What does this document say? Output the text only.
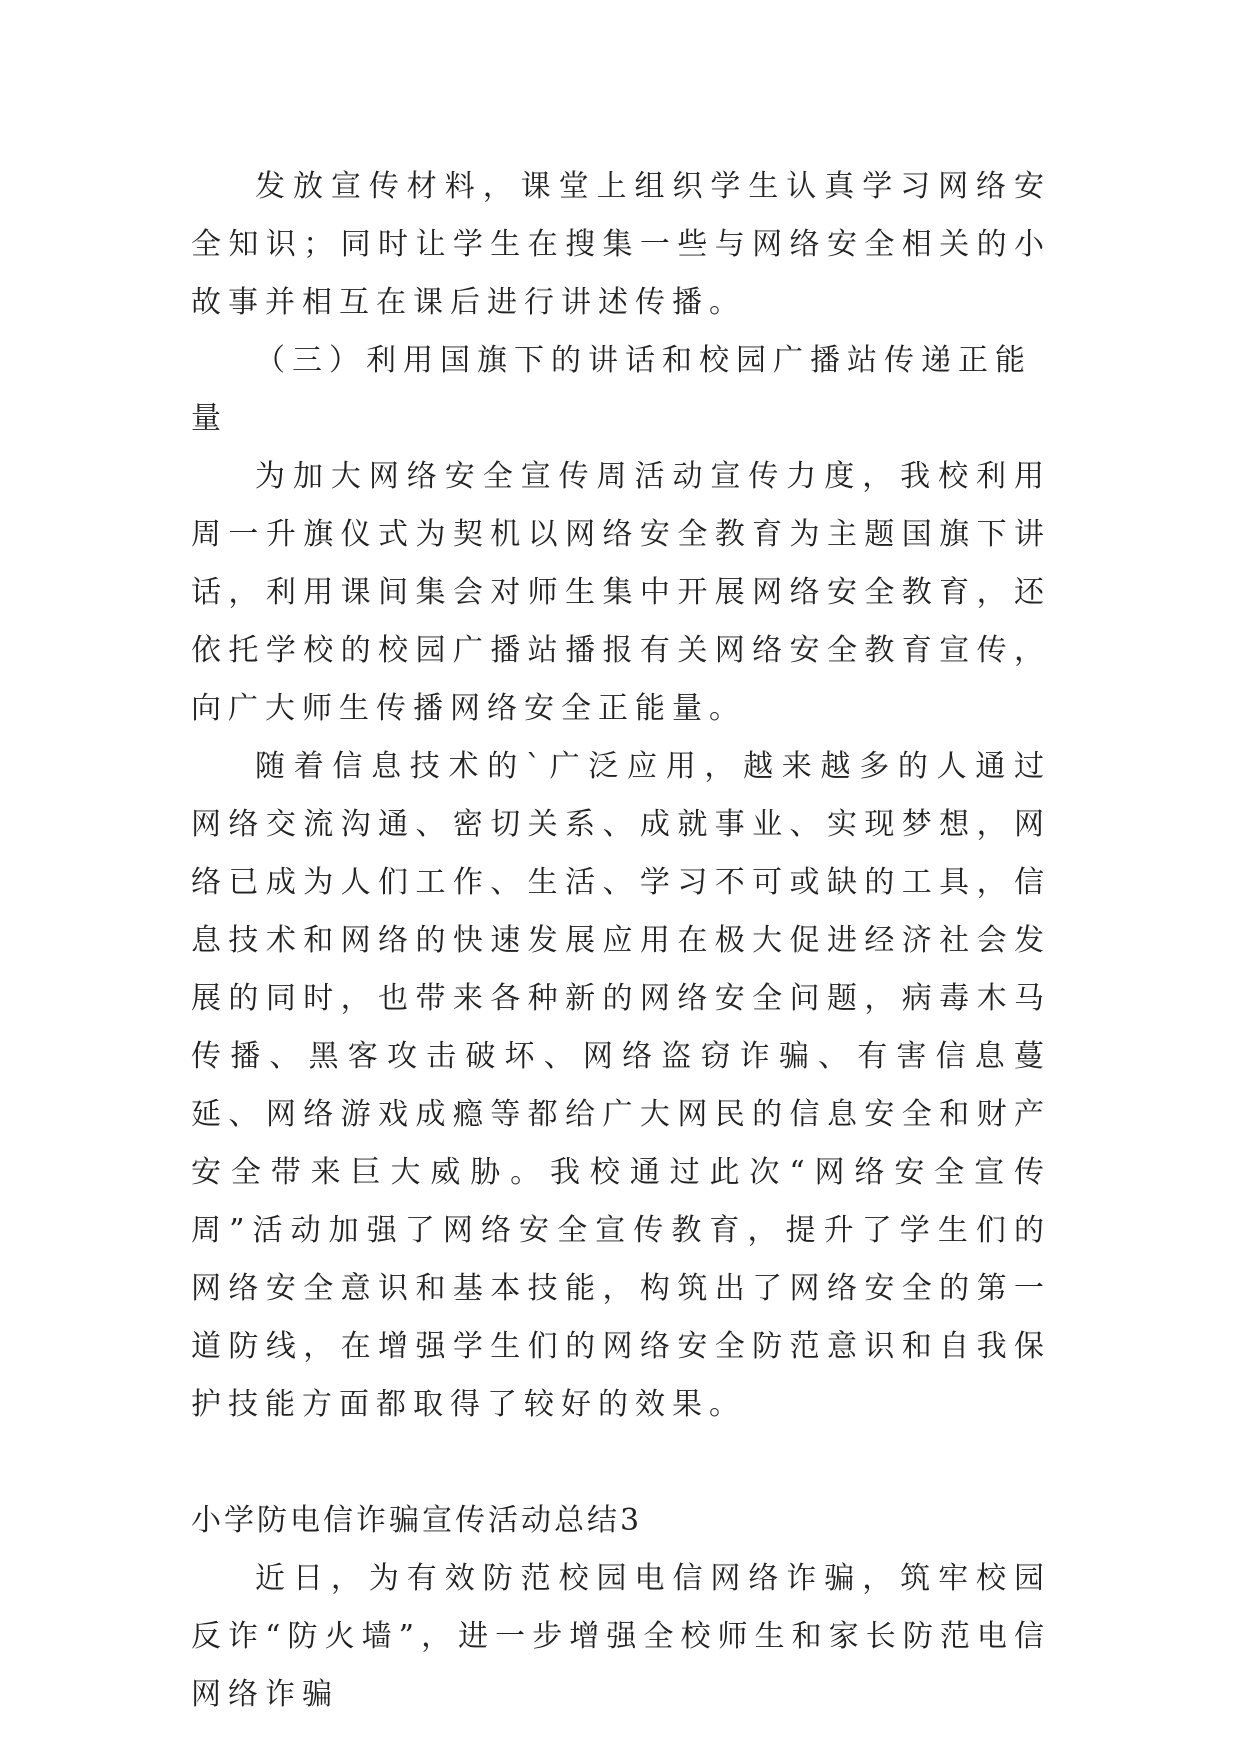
发放宣传材料，课堂上组织学生认真学习网络安全知识；同时让学生在搜集一些与网络安全相关的小故事并相互在课后进行讲述传播。

（三）利用国旗下的讲话和校园广播站传递正能量

为加大网络安全宣传周活动宣传力度，我校利用周一升旗仪式为契机以网络安全教育为主题国旗下讲话，利用课间集会对师生集中开展网络安全教育，还依托学校的校园广播站播报有关网络安全教育宣传，向广大师生传播网络安全正能量。

随着信息技术的`广泛应用，越来越多的人通过网络交流沟通、密切关系、成就事业、实现梦想，网络已成为人们工作、生活、学习不可或缺的工具，信息技术和网络的快速发展应用在极大促进经济社会发展的同时，也带来各种新的网络安全问题，病毒木马传播、黑客攻击破坏、网络盗窃诈骗、有害信息蔓延、网络游戏成瘾等都给广大网民的信息安全和财产安全带来巨大威胁。我校通过此次“网络安全宣传周”活动加强了网络安全宣传教育，提升了学生们的网络安全意识和基本技能，构筑出了网络安全的第一道防线，在增强学生们的网络安全防范意识和自我保护技能方面都取得了较好的效果。

小学防电信诈骗宣传活动总结3

近日，为有效防范校园电信网络诈骗，筑牢校园反诈“防火墙”，进一步增强全校师生和家长防范电信网络诈骗
